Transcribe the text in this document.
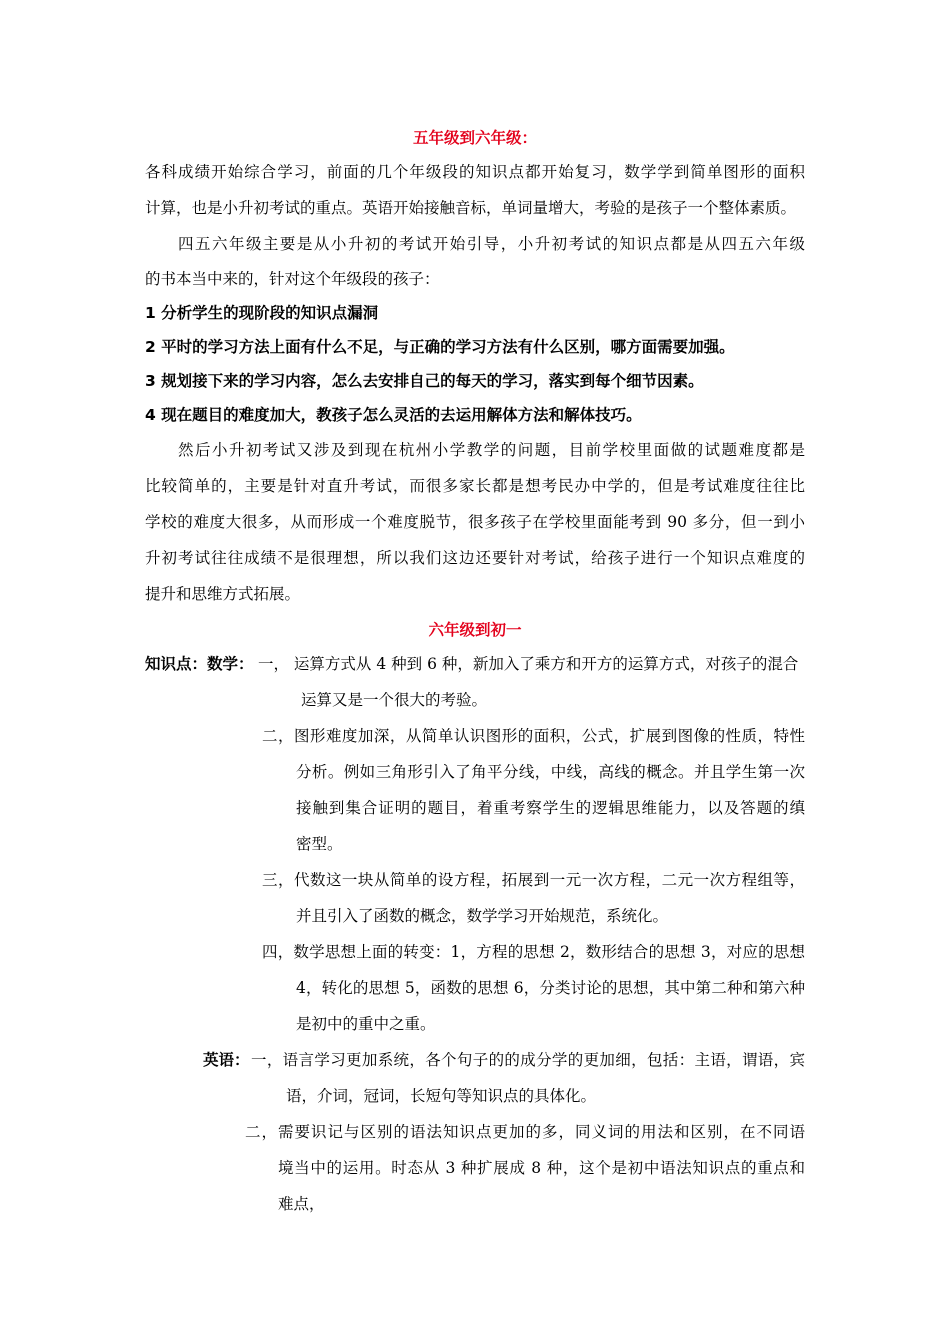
五年级到六年级：
各科成绩开始综合学习，前面的几个年级段的知识点都开始复习，数学学到简单图形的面积
计算，也是小升初考试的重点。英语开始接触音标，单词量增大，考验的是孩子一个整体素质。
四五六年级主要是从小升初的考试开始引导，小升初考试的知识点都是从四五六年级
的书本当中来的，针对这个年级段的孩子：
1 分析学生的现阶段的知识点漏洞
2 平时的学习方法上面有什么不足，与正确的学习方法有什么区别，哪方面需要加强。
3 规划接下来的学习内容，怎么去安排自己的每天的学习，落实到每个细节因素。
4 现在题目的难度加大，教孩子怎么灵活的去运用解体方法和解体技巧。
然后小升初考试又涉及到现在杭州小学教学的问题，目前学校里面做的试题难度都是
比较简单的，主要是针对直升考试，而很多家长都是想考民办中学的，但是考试难度往往比
学校的难度大很多，从而形成一个难度脱节，很多孩子在学校里面能考到 90 多分，但一到小
升初考试往往成绩不是很理想，所以我们这边还要针对考试，给孩子进行一个知识点难度的
提升和思维方式拓展。
六年级到初一
知识点：数学： 一， 运算方式从 4 种到 6 种，新加入了乘方和开方的运算方式，对孩子的混合
运算又是一个很大的考验。
二，图形难度加深，从简单认识图形的面积，公式，扩展到图像的性质，特性
分析。例如三角形引入了角平分线，中线，高线的概念。并且学生第一次
接触到集合证明的题目，着重考察学生的逻辑思维能力，以及答题的缜
密型。
三，代数这一块从简单的设方程，拓展到一元一次方程，二元一次方程组等，
并且引入了函数的概念，数学学习开始规范，系统化。
四，数学思想上面的转变：1，方程的思想 2，数形结合的思想 3，对应的思想
4，转化的思想 5，函数的思想 6，分类讨论的思想，其中第二种和第六种
是初中的重中之重。
英语： 一，语言学习更加系统，各个句子的的成分学的更加细，包括：主语，谓语，宾
语，介词，冠词，长短句等知识点的具体化。
二，需要识记与区别的语法知识点更加的多，同义词的用法和区别，在不同语
境当中的运用。时态从 3 种扩展成 8 种，这个是初中语法知识点的重点和
难点，
